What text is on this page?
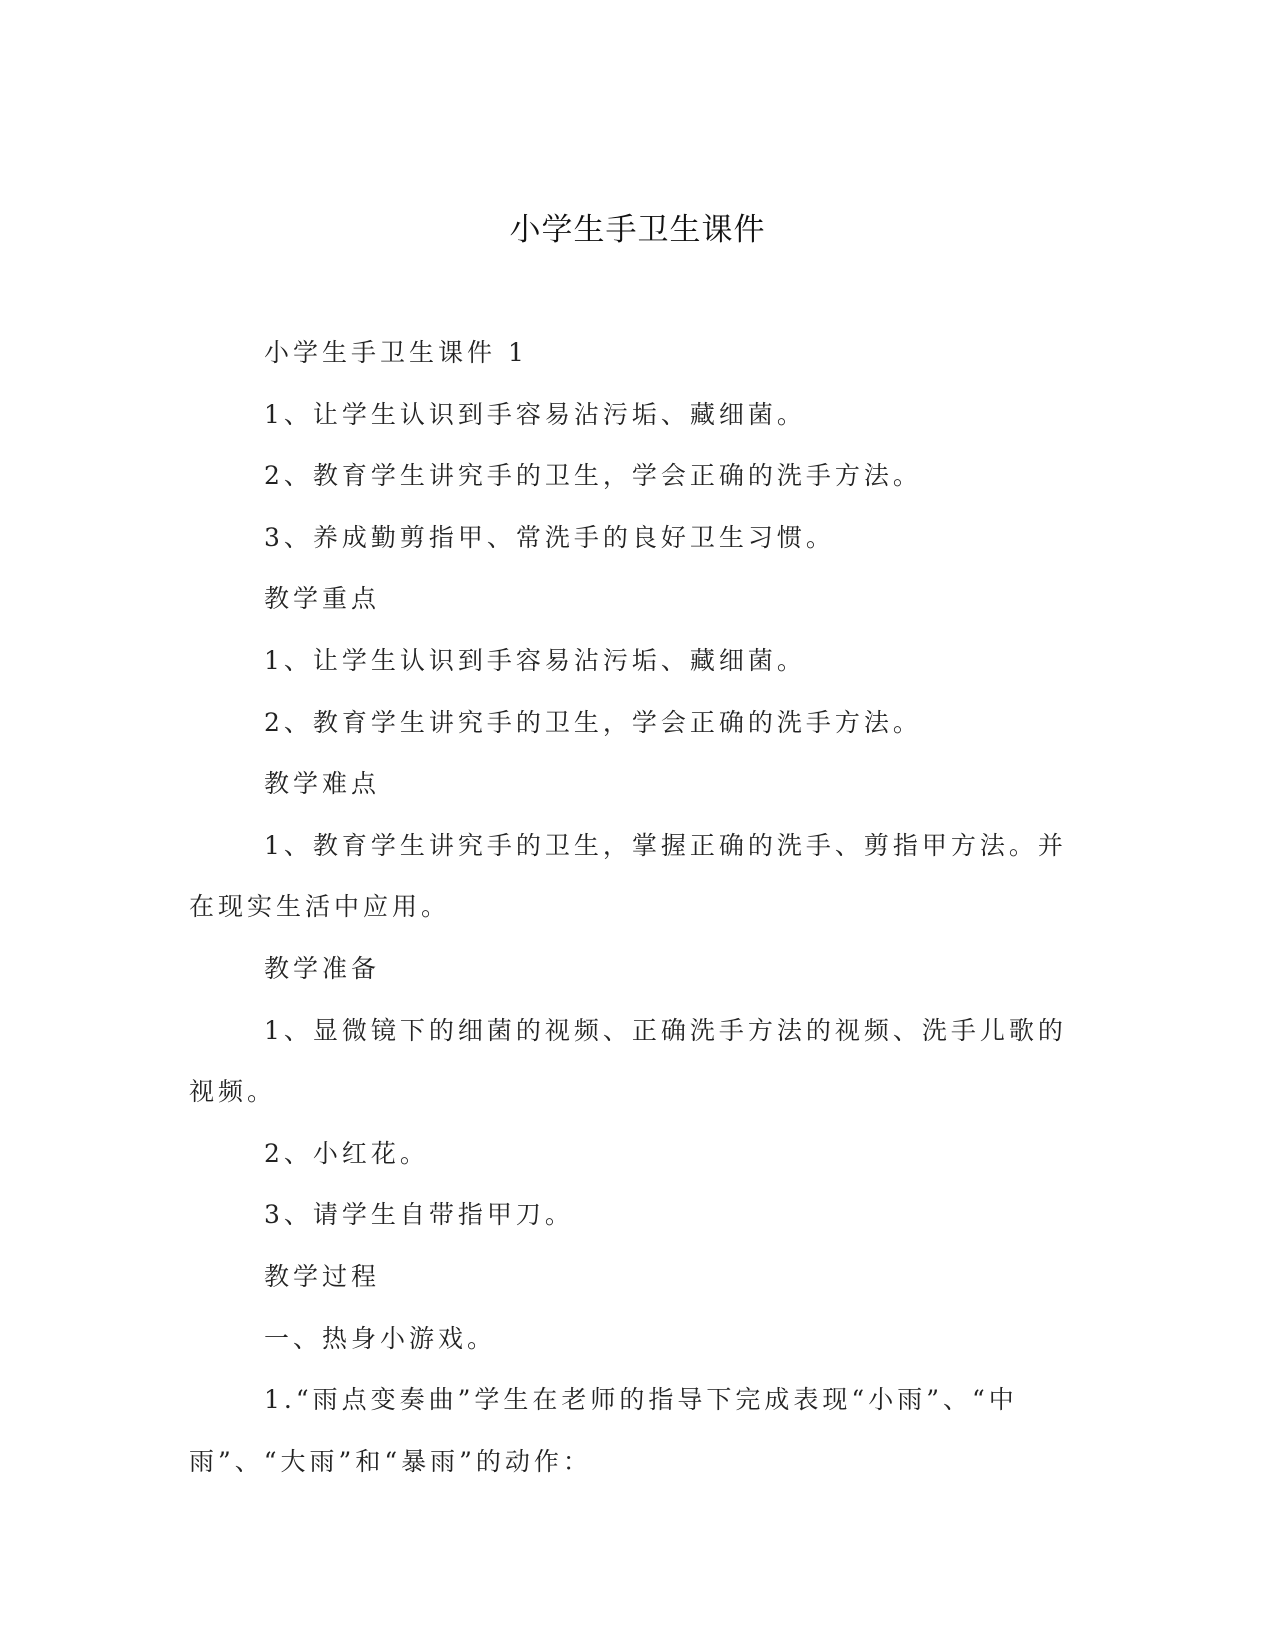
小学生手卫生课件

小学生手卫生课件 1

1、让学生认识到手容易沾污垢、藏细菌。

2、教育学生讲究手的卫生，学会正确的洗手方法。

3、养成勤剪指甲、常洗手的良好卫生习惯。

教学重点

1、让学生认识到手容易沾污垢、藏细菌。

2、教育学生讲究手的卫生，学会正确的洗手方法。

教学难点

1、教育学生讲究手的卫生，掌握正确的洗手、剪指甲方法。并在现实生活中应用。

教学准备

1、显微镜下的细菌的视频、正确洗手方法的视频、洗手儿歌的视频。

2、小红花。

3、请学生自带指甲刀。

教学过程

一、热身小游戏。

1.“雨点变奏曲”学生在老师的指导下完成表现“小雨”、“中雨”、“大雨”和“暴雨”的动作：
